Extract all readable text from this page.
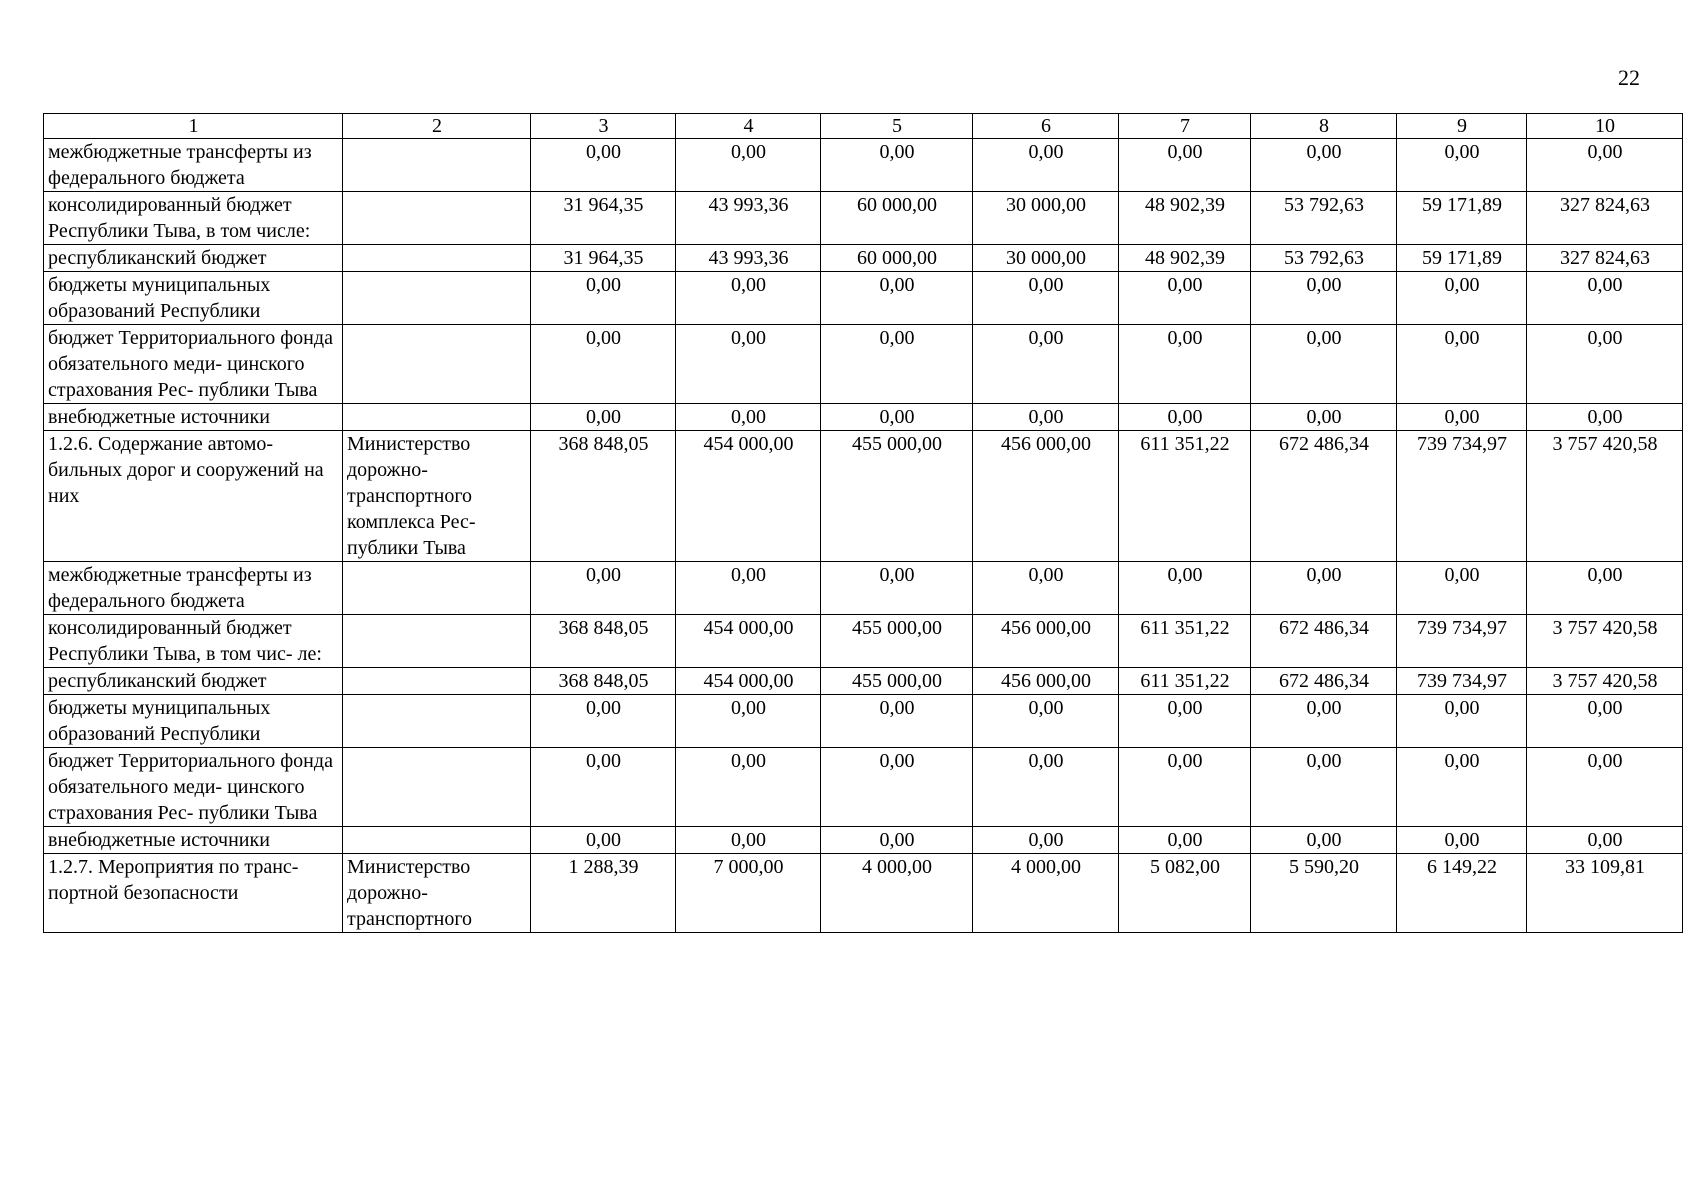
22
1	2	3	4	5	6	7	8	9	10
межбюджетные трансферты из федерального бюджета		0,00	0,00	0,00	0,00	0,00	0,00	0,00	0,00
консолидированный бюджет Республики Тыва, в том числе:		31 964,35	43 993,36	60 000,00	30 000,00	48 902,39	53 792,63	59 171,89	327 824,63
республиканский бюджет		31 964,35	43 993,36	60 000,00	30 000,00	48 902,39	53 792,63	59 171,89	327 824,63
бюджеты муниципальных образований Республики		0,00	0,00	0,00	0,00	0,00	0,00	0,00	0,00
бюджет Территориального фонда обязательного меди- цинского страхования Рес- публики Тыва		0,00	0,00	0,00	0,00	0,00	0,00	0,00	0,00
внебюджетные источники		0,00	0,00	0,00	0,00	0,00	0,00	0,00	0,00
1.2.6. Содержание автомо- бильных дорог и сооружений на них	Министерство дорожно- транспортного комплекса Рес- публики Тыва	368 848,05	454 000,00	455 000,00	456 000,00	611 351,22	672 486,34	739 734,97	3 757 420,58
межбюджетные трансферты из федерального бюджета		0,00	0,00	0,00	0,00	0,00	0,00	0,00	0,00
консолидированный бюджет Республики Тыва, в том чис- ле:		368 848,05	454 000,00	455 000,00	456 000,00	611 351,22	672 486,34	739 734,97	3 757 420,58
республиканский бюджет		368 848,05	454 000,00	455 000,00	456 000,00	611 351,22	672 486,34	739 734,97	3 757 420,58
бюджеты муниципальных образований Республики		0,00	0,00	0,00	0,00	0,00	0,00	0,00	0,00
бюджет Территориального фонда обязательного меди- цинского страхования Рес- публики Тыва		0,00	0,00	0,00	0,00	0,00	0,00	0,00	0,00
внебюджетные источники		0,00	0,00	0,00	0,00	0,00	0,00	0,00	0,00
1.2.7. Мероприятия по транс- портной безопасности	Министерство дорожно- транспортного	1 288,39	7 000,00	4 000,00	4 000,00	5 082,00	5 590,20	6 149,22	33 109,81
